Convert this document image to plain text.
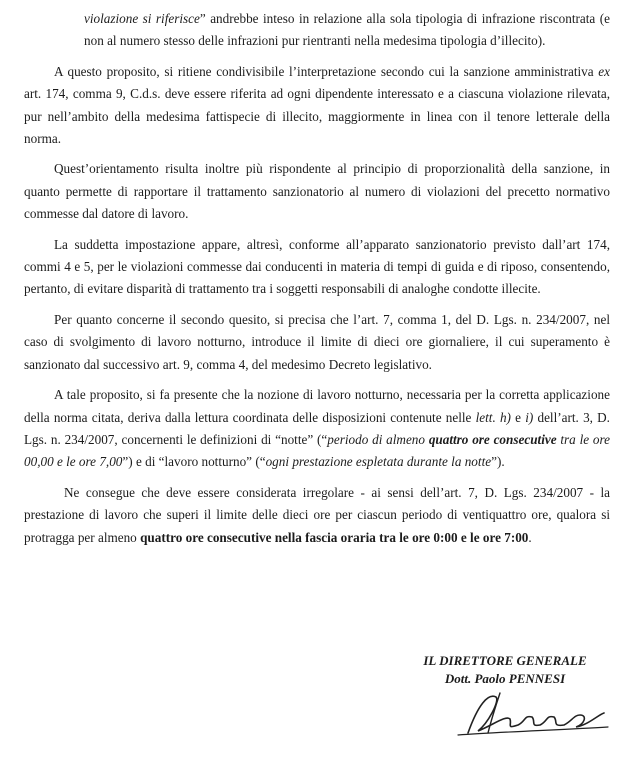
violazione si riferisce” andrebbe inteso in relazione alla sola tipologia di infrazione riscontrata (e non al numero stesso delle infrazioni pur rientranti nella medesima tipologia d’illecito).

A questo proposito, si ritiene condivisibile l’interpretazione secondo cui la sanzione amministrativa ex art. 174, comma 9, C.d.s. deve essere riferita ad ogni dipendente interessato e a ciascuna violazione rilevata, pur nell’ambito della medesima fattispecie di illecito, maggiormente in linea con il tenore letterale della norma.

Quest’orientamento risulta inoltre più rispondente al principio di proporzionalità della sanzione, in quanto permette di rapportare il trattamento sanzionatorio al numero di violazioni del precetto normativo commesse dal datore di lavoro.

La suddetta impostazione appare, altresì, conforme all’apparato sanzionatorio previsto dall’art 174, commi 4 e 5, per le violazioni commesse dai conducenti in materia di tempi di guida e di riposo, consentendo, pertanto, di evitare disparità di trattamento tra i soggetti responsabili di analoghe condotte illecite.

Per quanto concerne il secondo quesito, si precisa che l’art. 7, comma 1, del D. Lgs. n. 234/2007, nel caso di svolgimento di lavoro notturno, introduce il limite di dieci ore giornaliere, il cui superamento è sanzionato dal successivo art. 9, comma 4, del medesimo Decreto legislativo.

A tale proposito, si fa presente che la nozione di lavoro notturno, necessaria per la corretta applicazione della norma citata, deriva dalla lettura coordinata delle disposizioni contenute nelle lett. h) e i) dell’art. 3, D. Lgs. n. 234/2007, concernenti le definizioni di “notte” (“periodo di almeno quattro ore consecutive tra le ore 00,00 e le ore 7,00”) e di “lavoro notturno” (“ogni prestazione espletata durante la notte”).

Ne consegue che deve essere considerata irregolare - ai sensi dell’art. 7, D. Lgs. 234/2007 - la prestazione di lavoro che superi il limite delle dieci ore per ciascun periodo di ventiquattro ore, qualora si protragga per almeno quattro ore consecutive nella fascia oraria tra le ore 0:00 e le ore 7:00.

IL DIRETTORE GENERALE
Dott. Paolo PENNESI
